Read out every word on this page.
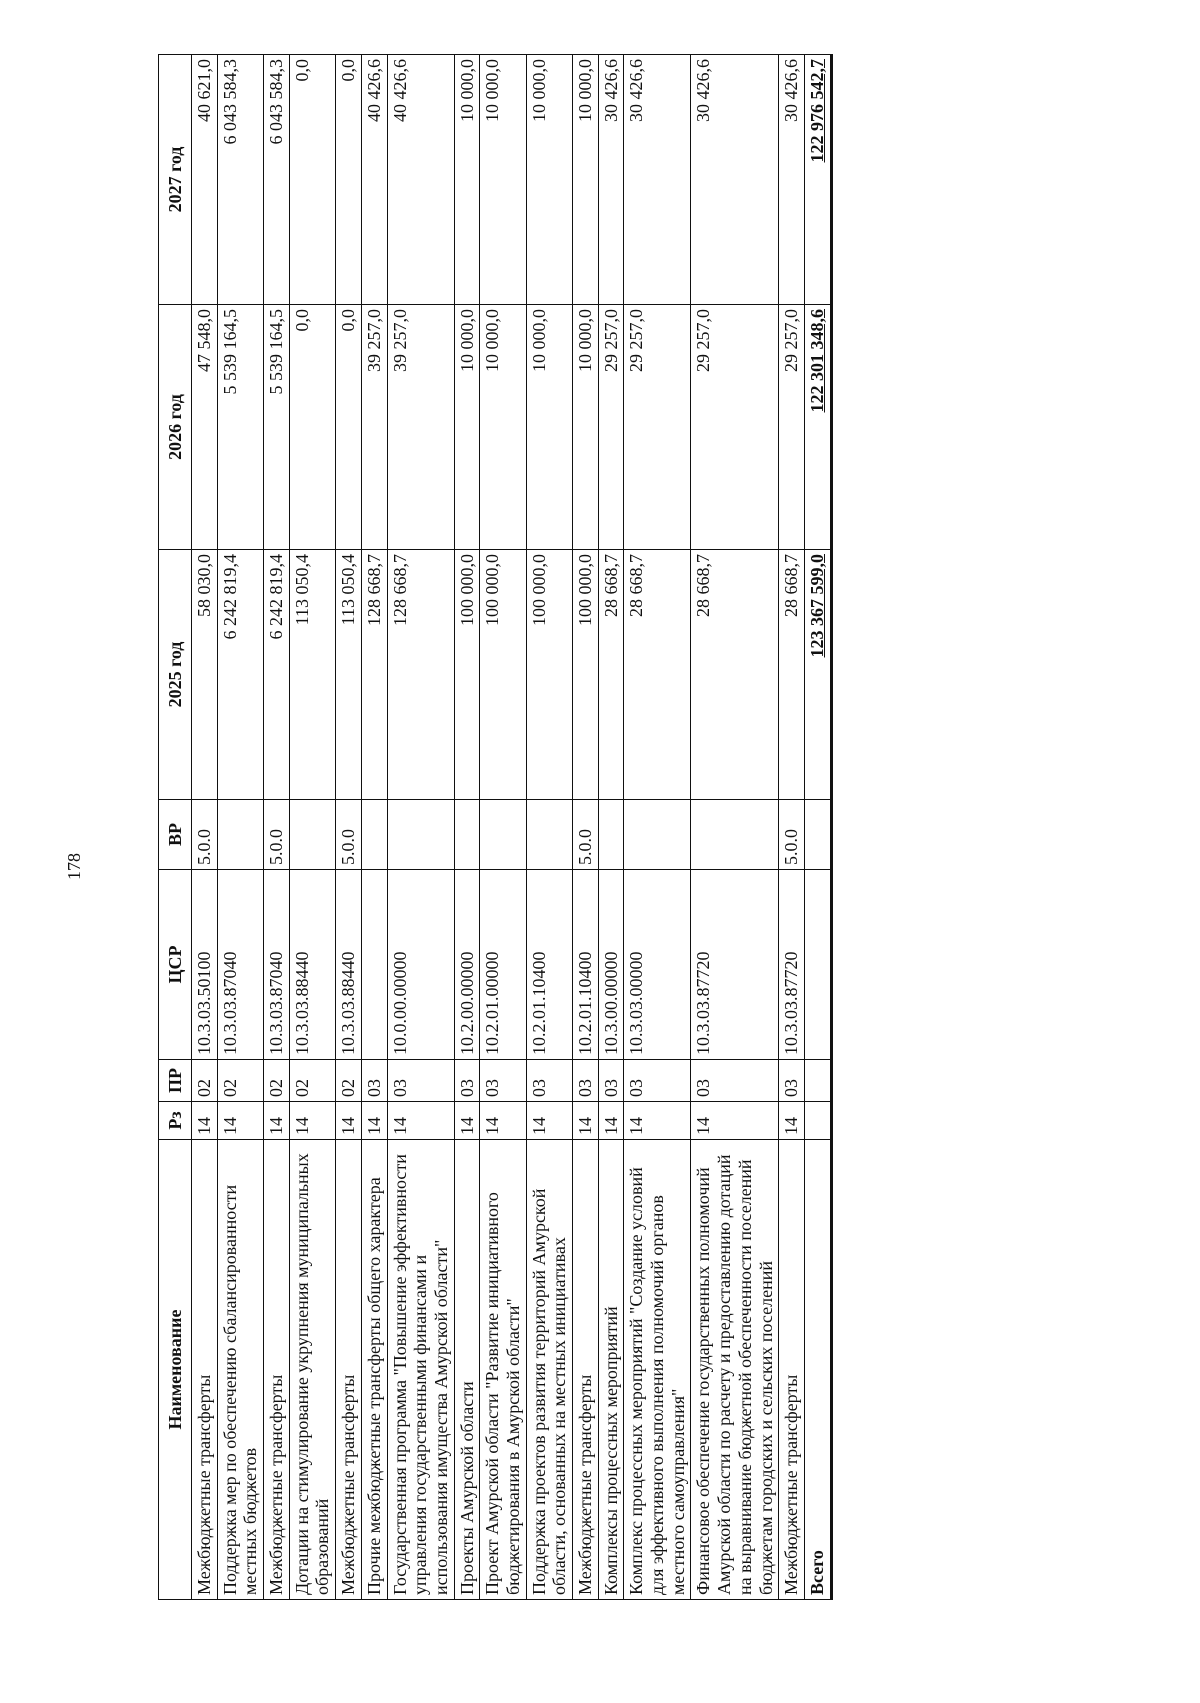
178
Наименование	Рз	ПР	ЦСР	ВР	2025 год	2026 год	2027 год
Межбюджетные трансферты	14	02	10.3.03.50100	5.0.0	58 030,0	47 548,0	40 621,0
Поддержка мер по обеспечению сбалансированности местных бюджетов	14	02	10.3.03.87040		6 242 819,4	5 539 164,5	6 043 584,3
Межбюджетные трансферты	14	02	10.3.03.87040	5.0.0	6 242 819,4	5 539 164,5	6 043 584,3
Дотации на стимулирование укрупнения муниципальных образований	14	02	10.3.03.88440		113 050,4	0,0	0,0
Межбюджетные трансферты	14	02	10.3.03.88440	5.0.0	113 050,4	0,0	0,0
Прочие межбюджетные трансферты общего характера	14	03			128 668,7	39 257,0	40 426,6
Государственная программа "Повышение эффективности управления государственными финансами и использования имущества Амурской области"	14	03	10.0.00.00000		128 668,7	39 257,0	40 426,6
Проекты Амурской области	14	03	10.2.00.00000		100 000,0	10 000,0	10 000,0
Проект Амурской области "Развитие инициативного бюджетирования в Амурской области"	14	03	10.2.01.00000		100 000,0	10 000,0	10 000,0
Поддержка проектов развития территорий Амурской области, основанных на местных инициативах	14	03	10.2.01.10400		100 000,0	10 000,0	10 000,0
Межбюджетные трансферты	14	03	10.2.01.10400	5.0.0	100 000,0	10 000,0	10 000,0
Комплексы процессных мероприятий	14	03	10.3.00.00000		28 668,7	29 257,0	30 426,6
Комплекс процессных мероприятий "Создание условий для эффективного выполнения полномочий органов местного самоуправления"	14	03	10.3.03.00000		28 668,7	29 257,0	30 426,6
Финансовое обеспечение государственных полномочий Амурской области по расчету и предоставлению дотаций на выравнивание бюджетной обеспеченности поселений бюджетам городских и сельских поселений	14	03	10.3.03.87720		28 668,7	29 257,0	30 426,6
Межбюджетные трансферты	14	03	10.3.03.87720	5.0.0	28 668,7	29 257,0	30 426,6
Всего					123 367 599,0	122 301 348,6	122 976 542,7
